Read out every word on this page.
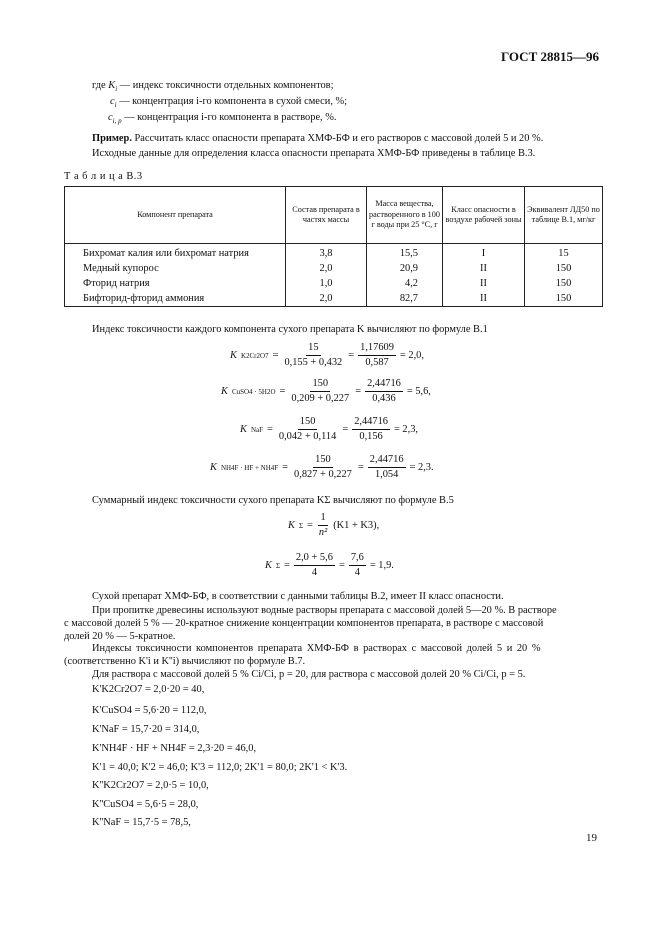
ГОСТ 28815—96
где $K_i$ — индекс токсичности отдельных компонентов;
$c_i$ — концентрация i-го компонента в сухой смеси, %;
$c_{i, p}$ — концентрация i-го компонента в растворе, %.
Пример. Рассчитать класс опасности препарата ХМФ-БФ и его растворов с массовой долей 5 и 20 %.
Исходные данные для определения класса опасности препарата ХМФ-БФ приведены в таблице В.3.
Т а б л и ц а В.3
Компонент препарата	Состав препарата в частях массы	Масса вещества, растворенного в 100 г воды при 25 °С, г	Класс опасности в воздухе рабочей зоны	Эквивалент ЛД50 по таблице В.1, мг/кг
Бихромат калия или бихромат натрия	3,8	15,5	I	15
Медный купорос	2,0	20,9	II	150
Фторид натрия	1,0	4,2	II	150
Бифторид-фторид аммония	2,0	82,7	II	150
Индекс токсичности каждого компонента сухого препарата K вычисляют по формуле В.1
K $K2Cr2O7 = \frac{15}{0,155 + 0,432} = \frac{1,17609}{0,587} = 2,0$,
K CuSO4 · $5H2O = \frac{150}{0,209 + 0,227} = \frac{2,44716}{0,436} = 5,6$,
K NaF = $\frac{150}{0,042 + 0,114} = \frac{2,44716}{0,156} = 2,3$,
K NH4F · HF + $NH4F = \frac{150}{0,827 + 0,227} = \frac{2,44716}{1,054} = 2,3$.
Суммарный индекс токсичности сухого препарата KΣ вычисляют по формуле В.5
K $\Sigma = \frac{1}{\text{n²}} (K1 + K3)$,
K $\Sigma = \frac{2,0 + 5,6}{4} = \frac{7,6}{4} = 1,9$.
Сухой препарат ХМФ-БФ, в соответствии с данными таблицы В.2, имеет II класс опасности.
При пропитке древесины используют водные растворы препарата с массовой долей 5—20 %. В растворе
с массовой долей 5 % — 20-кратное снижение концентрации компонентов препарата, в растворе с массовой
долей 20 % — 5-кратное.
Индексы токсичности компонентов препарата ХМФ-БФ в растворах с массовой долей 5 и 20 %
(соответственно K'i и K''i) вычисляют по формуле В.7.
Для раствора с массовой долей 5 % Ci/Ci, p = 20, для раствора с массовой долей 20 % Ci/Ci, p = 5.
K'K2Cr2O7 = 2,0·20 = 40,
K'CuSO4 = 5,6·20 = 112,0,
K'NaF = 15,7·20 = 314,0,
K'NH4F · HF + NH4F = 2,3·20 = 46,0,
K'1 = 40,0; K'2 = 46,0; K'3 = 112,0; 2K'1 = 80,0; 2K'1 < K'3.
K''K2Cr2O7 = 2,0·5 = 10,0,
K''CuSO4 = 5,6·5 = 28,0,
K''NaF = 15,7·5 = 78,5,
19
